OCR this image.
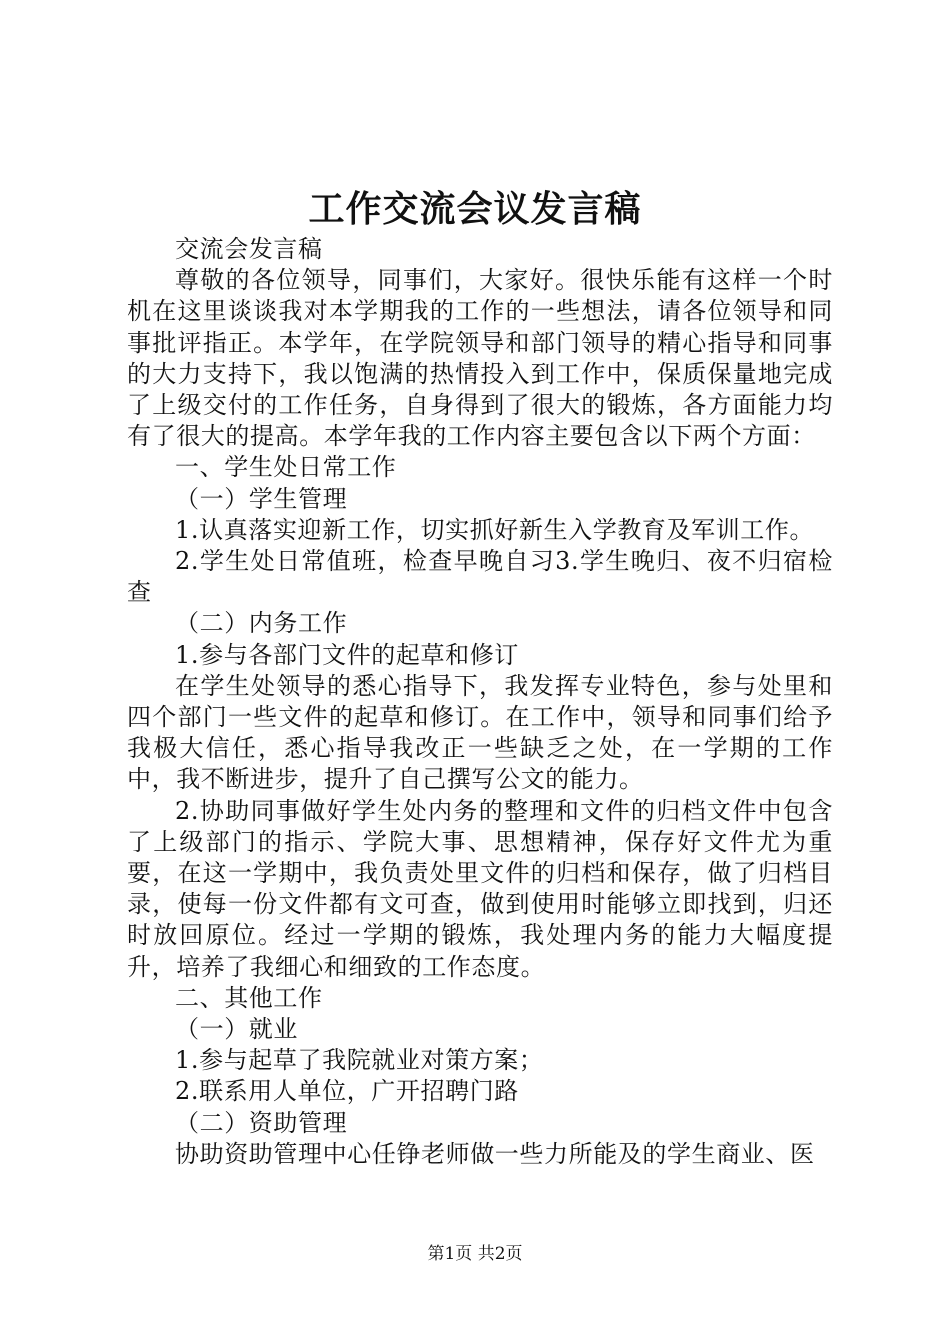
工作交流会议发言稿

交流会发言稿

尊敬的各位领导，同事们，大家好。很快乐能有这样一个时机在这里谈谈我对本学期我的工作的一些想法，请各位领导和同事批评指正。本学年，在学院领导和部门领导的精心指导和同事的大力支持下，我以饱满的热情投入到工作中，保质保量地完成了上级交付的工作任务，自身得到了很大的锻炼，各方面能力均有了很大的提高。本学年我的工作内容主要包含以下两个方面：

一、学生处日常工作

（一）学生管理

1.认真落实迎新工作，切实抓好新生入学教育及军训工作。

2.学生处日常值班，检查早晚自习3.学生晚归、夜不归宿检查

（二）内务工作

1.参与各部门文件的起草和修订

在学生处领导的悉心指导下，我发挥专业特色，参与处里和四个部门一些文件的起草和修订。在工作中，领导和同事们给予我极大信任，悉心指导我改正一些缺乏之处，在一学期的工作中，我不断进步，提升了自己撰写公文的能力。

2.协助同事做好学生处内务的整理和文件的归档文件中包含了上级部门的指示、学院大事、思想精神，保存好文件尤为重要，在这一学期中，我负责处里文件的归档和保存，做了归档目录，使每一份文件都有文可查，做到使用时能够立即找到，归还时放回原位。经过一学期的锻炼，我处理内务的能力大幅度提升，培养了我细心和细致的工作态度。

二、其他工作

（一）就业

1.参与起草了我院就业对策方案；

2.联系用人单位，广开招聘门路

（二）资助管理

协助资助管理中心任铮老师做一些力所能及的学生商业、医

第1页 共2页
